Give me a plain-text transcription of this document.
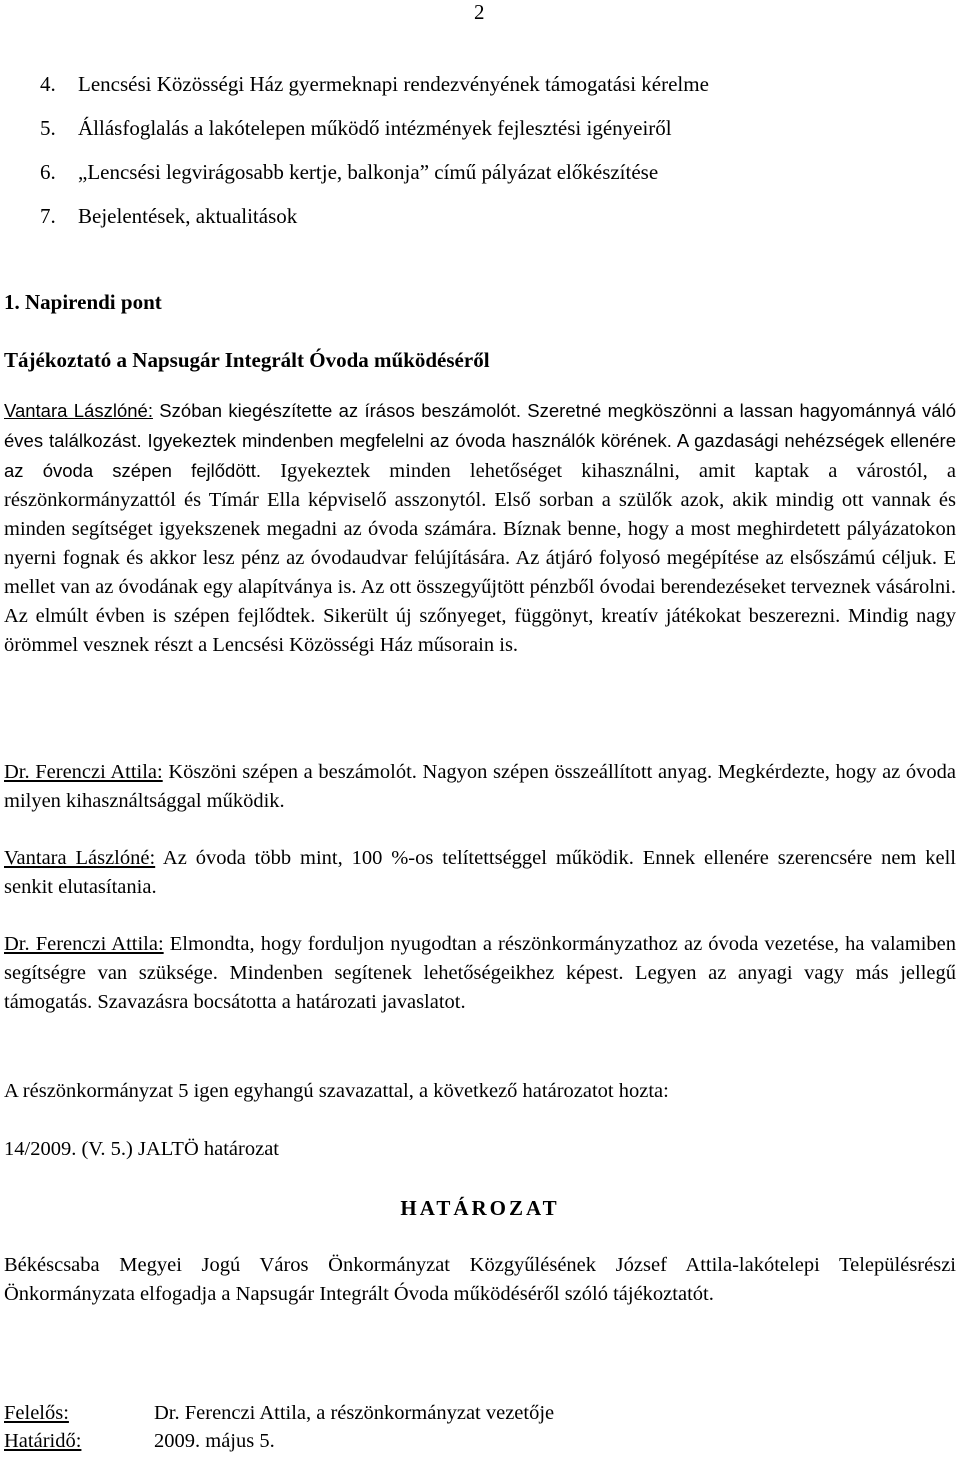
2
4. Lencsési Közösségi Ház gyermeknapi rendezvényének támogatási kérelme
5. Állásfoglalás a lakótelepen működő intézmények fejlesztési igényeiről
6. „Lencsési legvirágosabb kertje, balkonja” című pályázat előkészítése
7. Bejelentések, aktualitások
1. Napirendi pont
Tájékoztató a Napsugár Integrált Óvoda működéséről

Vantara Lászlóné: Szóban kiegészítette az írásos beszámolót. Szeretné megköszönni a lassan hagyománnyá váló éves találkozást. Igyekeztek mindenben megfelelni az óvoda használók körének. A gazdasági nehézségek ellenére az óvoda szépen fejlődött. Igyekeztek minden lehetőséget kihasználni, amit kaptak a várostól, a részönkormányzattól és Tímár Ella képviselő asszonytól. Első sorban a szülők azok, akik mindig ott vannak és minden segítséget igyekszenek megadni az óvoda számára. Bíznak benne, hogy a most meghirdetett pályázatokon nyerni fognak és akkor lesz pénz az óvodaudvar felújítására. Az átjáró folyosó megépítése az elsőszámú céljuk. E mellet van az óvodának egy alapítványa is. Az ott összegyűjtött pénzből óvodai berendezéseket terveznek vásárolni. Az elmúlt évben is szépen fejlődtek. Sikerült új szőnyeget, függönyt, kreatív játékokat beszerezni. Mindig nagy örömmel vesznek részt a Lencsési Közösségi Ház műsorain is.

Dr. Ferenczi Attila: Köszöni szépen a beszámolót. Nagyon szépen összeállított anyag. Megkérdezte, hogy az óvoda milyen kihasználtsággal működik.

Vantara Lászlóné: Az óvoda több mint, 100 %-os telítettséggel működik. Ennek ellenére szerencsére nem kell senkit elutasítania.

Dr. Ferenczi Attila: Elmondta, hogy forduljon nyugodtan a részönkormányzathoz az óvoda vezetése, ha valamiben segítségre van szüksége. Mindenben segítenek lehetőségeikhez képest. Legyen az anyagi vagy más jellegű támogatás. Szavazásra bocsátotta a határozati javaslatot.

A részönkormányzat 5 igen egyhangú szavazattal, a következő határozatot hozta:

14/2009. (V. 5.) JALTÖ határozat

HATÁROZAT

Békéscsaba Megyei Jogú Város Önkormányzat Közgyűlésének József Attila-lakótelepi Településrészi Önkormányzata elfogadja a Napsugár Integrált Óvoda működéséről szóló tájékoztatót.

Felelős:	Dr. Ferenczi Attila, a részönkormányzat vezetője
Határidő:	2009. május 5.
